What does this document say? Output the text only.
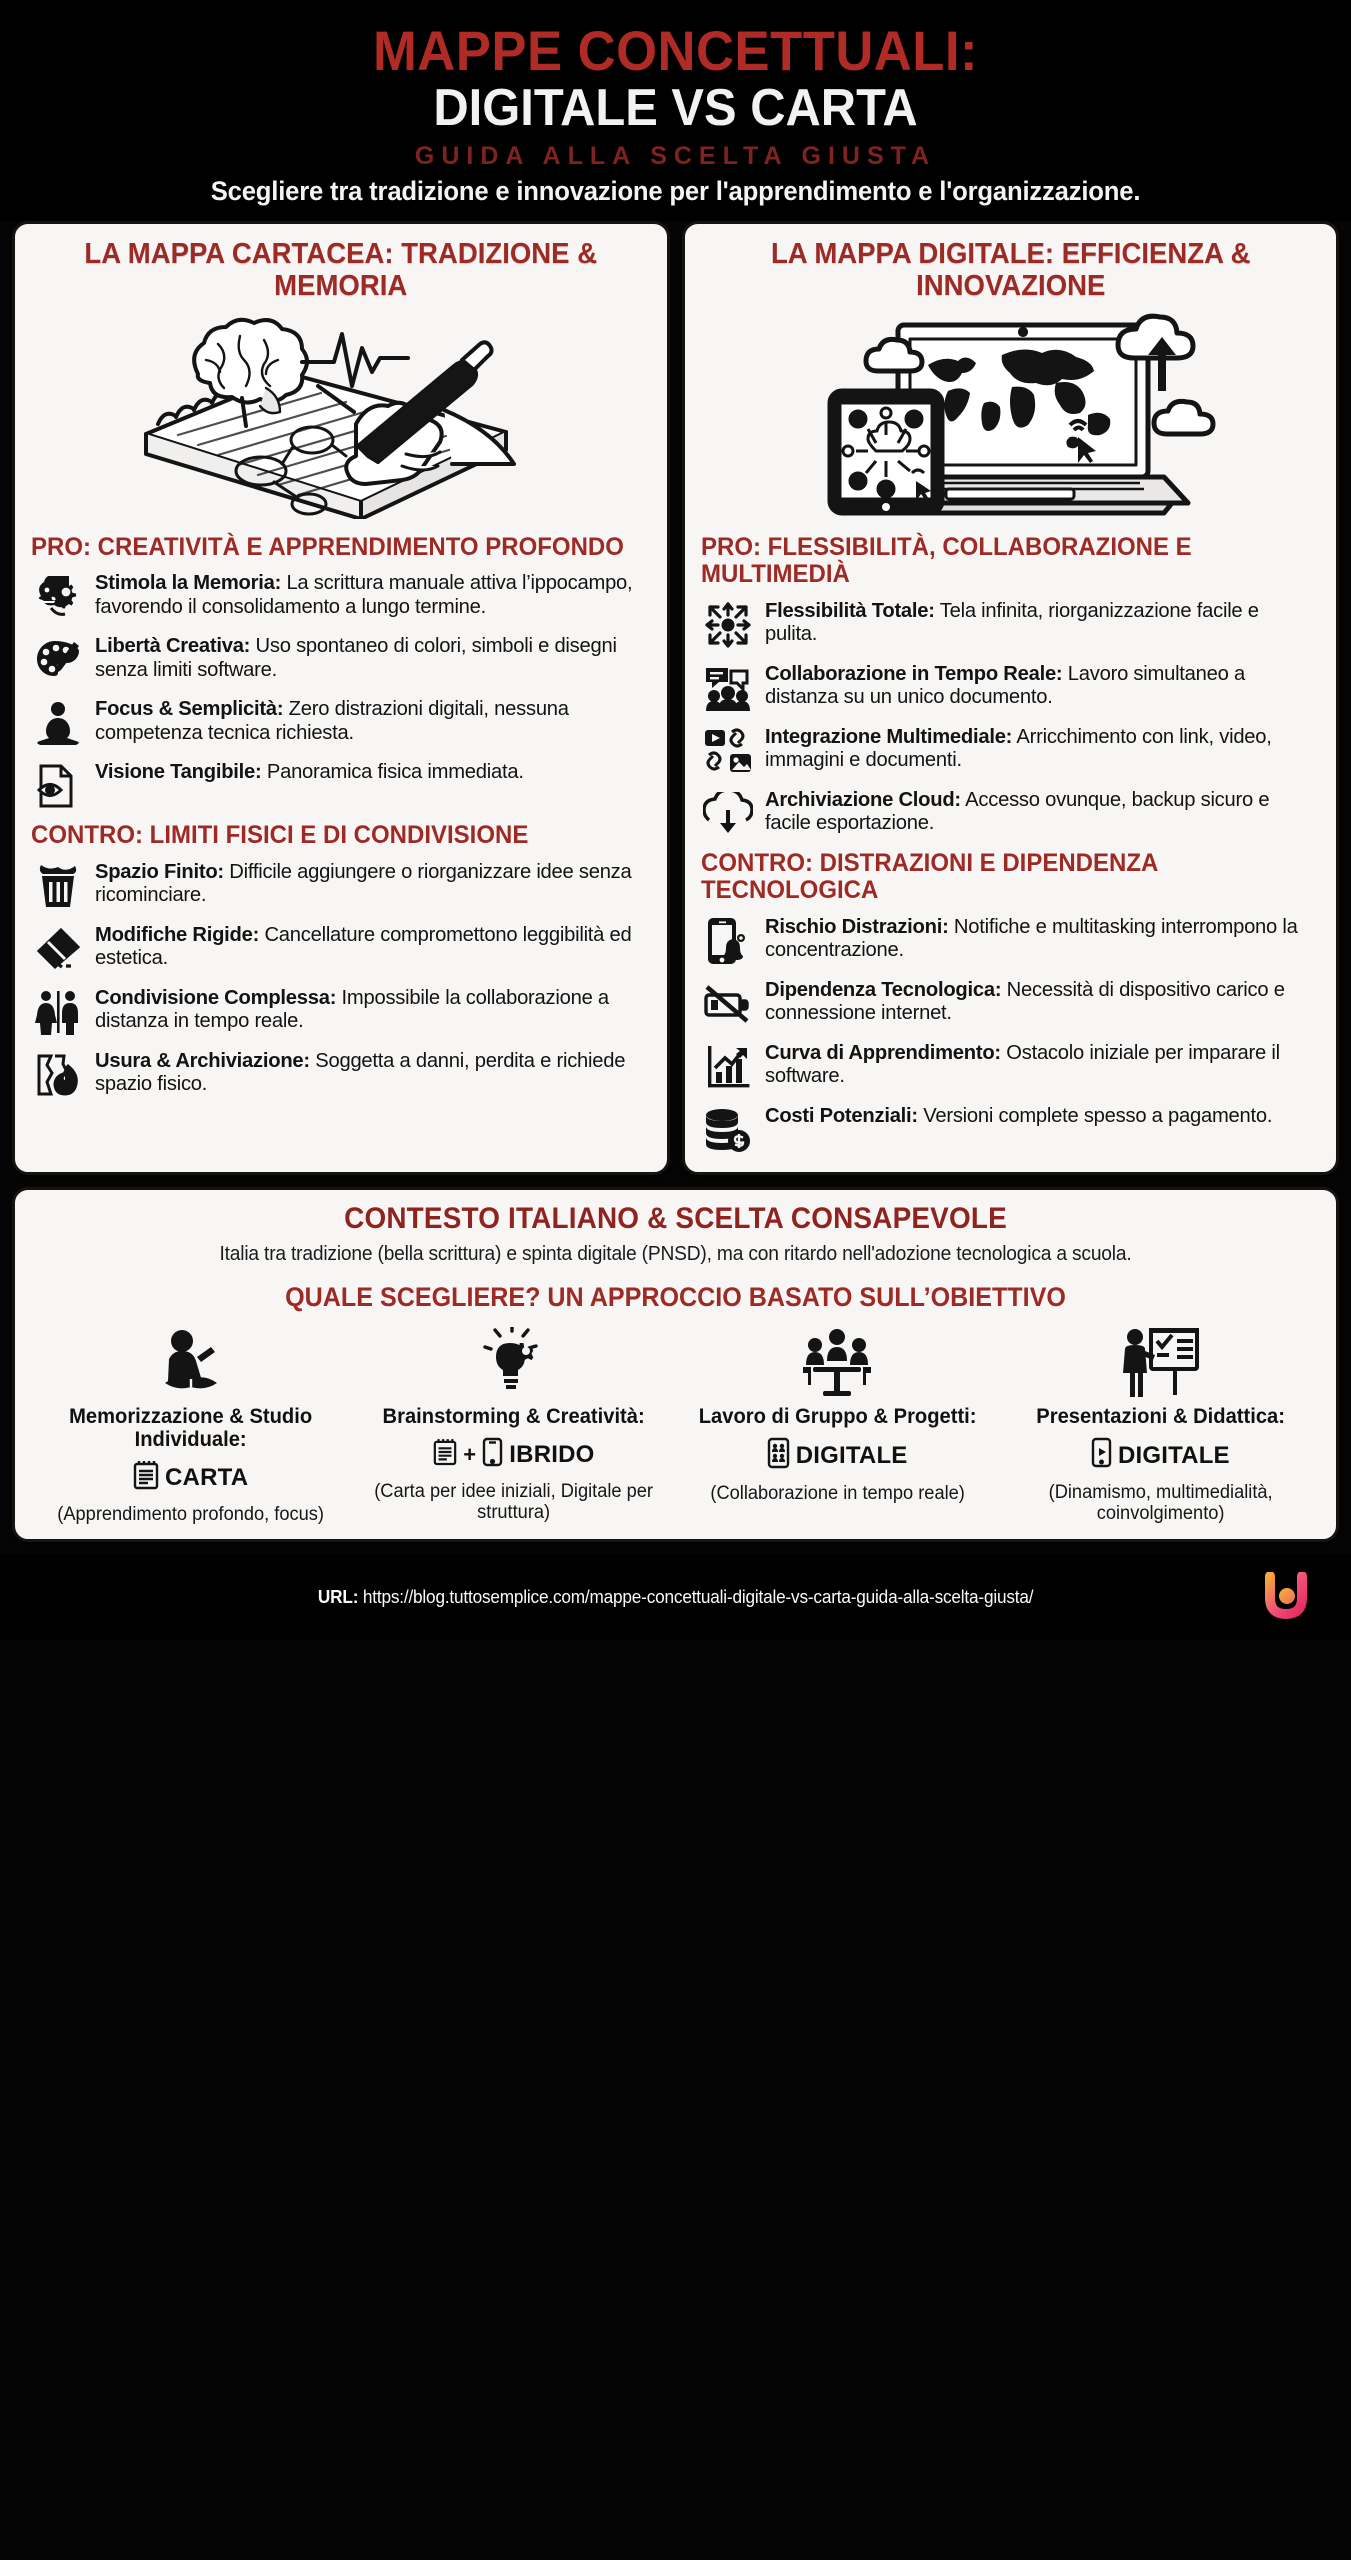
MAPPE CONCETTUALI:
DIGITALE VS CARTA
GUIDA ALLA SCELTA GIUSTA
Scegliere tra tradizione e innovazione per l'apprendimento e l'organizzazione.
LA MAPPA CARTACEA: TRADIZIONE & MEMORIA
PRO: CREATIVITÀ E APPRENDIMENTO PROFONDO
Stimola la Memoria: La scrittura manuale attiva l’ippocampo, favorendo il consolidamento a lungo termine.
Libertà Creativa: Uso spontaneo di colori, simboli e disegni senza limiti software.
Focus & Semplicità: Zero distrazioni digitali, nessuna competenza tecnica richiesta.
Visione Tangibile: Panoramica fisica immediata.
CONTRO: LIMITI FISICI E DI CONDIVISIONE
Spazio Finito: Difficile aggiungere o riorganizzare idee senza ricominciare.
Modifiche Rigide: Cancellature compromettono leggibilità ed estetica.
Condivisione Complessa: Impossibile la collaborazione a distanza in tempo reale.
Usura & Archiviazione: Soggetta a danni, perdita e richiede spazio fisico.
LA MAPPA DIGITALE: EFFICIENZA & INNOVAZIONE
PRO: FLESSIBILITÀ, COLLABORAZIONE E MULTIMEDIÀ
Flessibilità Totale: Tela infinita, riorganizzazione facile e pulita.
Collaborazione in Tempo Reale: Lavoro simultaneo a distanza su un unico documento.
Integrazione Multimediale: Arricchimento con link, video, immagini e documenti.
Archiviazione Cloud: Accesso ovunque, backup sicuro e facile esportazione.
CONTRO: DISTRAZIONI E DIPENDENZA TECNOLOGICA
Rischio Distrazioni: Notifiche e multitasking interrompono la concentrazione.
Dipendenza Tecnologica: Necessità di dispositivo carico e connessione internet.
Curva di Apprendimento: Ostacolo iniziale per imparare il software.
Costi Potenziali: Versioni complete spesso a pagamento.
CONTESTO ITALIANO & SCELTA CONSAPEVOLE
Italia tra tradizione (bella scrittura) e spinta digitale (PNSD), ma con ritardo nell'adozione tecnologica a scuola.
QUALE SCEGLIERE? UN APPROCCIO BASATO SULL’OBIETTIVO
Memorizzazione & Studio Individuale:
CARTA
(Apprendimento profondo, focus)
Brainstorming & Creatività:
+ IBRIDO
(Carta per idee iniziali, Digitale per struttura)
Lavoro di Gruppo & Progetti:
DIGITALE
(Collaborazione in tempo reale)
Presentazioni & Didattica:
DIGITALE
(Dinamismo, multimedialità, coinvolgimento)
URL: https://blog.tuttosemplice.com/mappe-concettuali-digitale-vs-carta-guida-alla-scelta-giusta/
